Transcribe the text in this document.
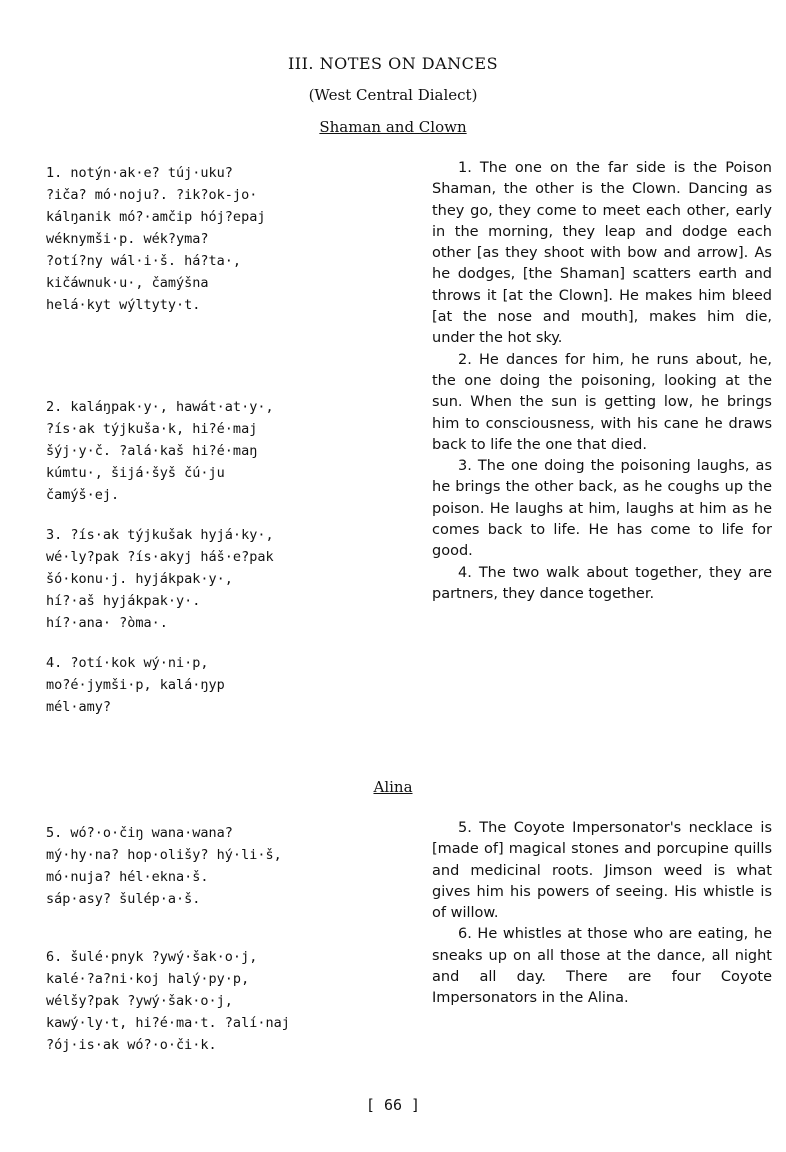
III. NOTES ON DANCES
(West Central Dialect)
Shaman and Clown
1. notýn·ak·e? túj·uku?
?iča? mó·noju?. ?ik?ok-jo·
kálŋanik mó?·amčip hój?epaj
wéknymši·p. wék?yma?
?otí?ny wál·i·š. há?ta·,
kičáwnuk·u·, čamýšna
helá·kyt wýltyty·t.
2. kaláŋpak·y·, hawát·at·y·,
?ís·ak týjkuša·k, hi?é·maj
šýj·y·č. ?alá·kaš hi?é·maŋ
kúmtu·, šijá·šyš čú·ju
čamýš·ej.
3. ?ís·ak týjkušak hyjá·ky·,
wé·ly?pak ?ís·akyj háš·e?pak
šó·konu·j. hyjákpak·y·,
hí?·aš hyjákpak·y·.
hí?·ana· ?òma·.
4. ?otí·kok wý·ni·p,
mo?é·jymši·p, kalá·ŋyp
mél·amy?

1. The one on the far side is the Poison Shaman, the other is the Clown. Dancing as they go, they come to meet each other, early in the morning, they leap and dodge each other [as they shoot with bow and arrow]. As he dodges, [the Shaman] scatters earth and throws it [at the Clown]. He makes him bleed [at the nose and mouth], makes him die, under the hot sky.

2. He dances for him, he runs about, he, the one doing the poisoning, looking at the sun. When the sun is getting low, he brings him to consciousness, with his cane he draws back to life the one that died.

3. The one doing the poisoning laughs, as he brings the other back, as he coughs up the poison. He laughs at him, laughs at him as he comes back to life. He has come to life for good.

4. The two walk about together, they are partners, they dance together.

Alina
5. wó?·o·čiŋ wana·wana?
mý·hy·na? hop·olišy? hý·li·š,
mó·nuja? hél·ekna·š.
sáp·asy? šulép·a·š.
6. šulé·pnyk ?ywý·šak·o·j,
kalé·?a?ni·koj halý·py·p,
wélšy?pak ?ywý·šak·o·j,
kawý·ly·t, hi?é·ma·t. ?alí·naj
?ój·is·ak wó?·o·či·k.

5. The Coyote Impersonator's necklace is [made of] magical stones and porcupine quills and medicinal roots. Jimson weed is what gives him his powers of seeing. His whistle is of willow.

6. He whistles at those who are eating, he sneaks up on all those at the dance, all night and all day. There are four Coyote Impersonators in the Alina.

[ 66 ]
